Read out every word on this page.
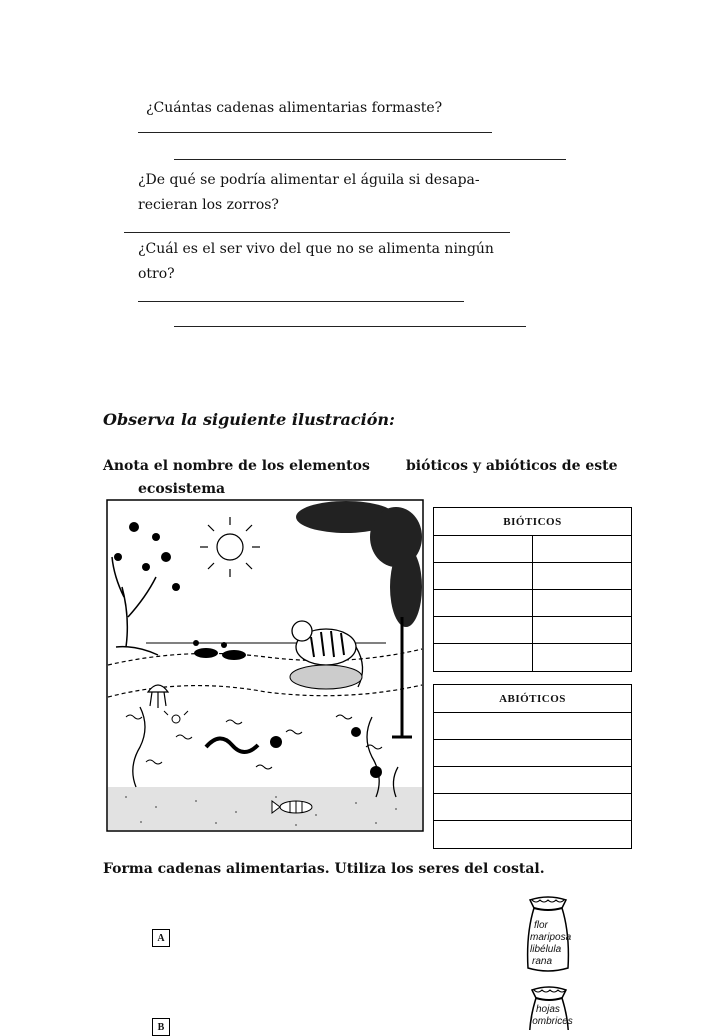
¿Cuántas cadenas alimentarias formaste?
¿De qué se podría alimentar el águila si desapa-
recieran los zorros?
¿Cuál es el ser vivo del que no se alimenta ningún
otro?
Observa la siguiente ilustración:
Anota el nombre de los elementos	bióticos y abióticos de este
ecosistema
BIÓTICOS
ABIÓTICOS
Forma cadenas alimentarias. Utiliza los seres del costal.
A
B
flor
mariposa
libélula
rana
hojas
lombrices
